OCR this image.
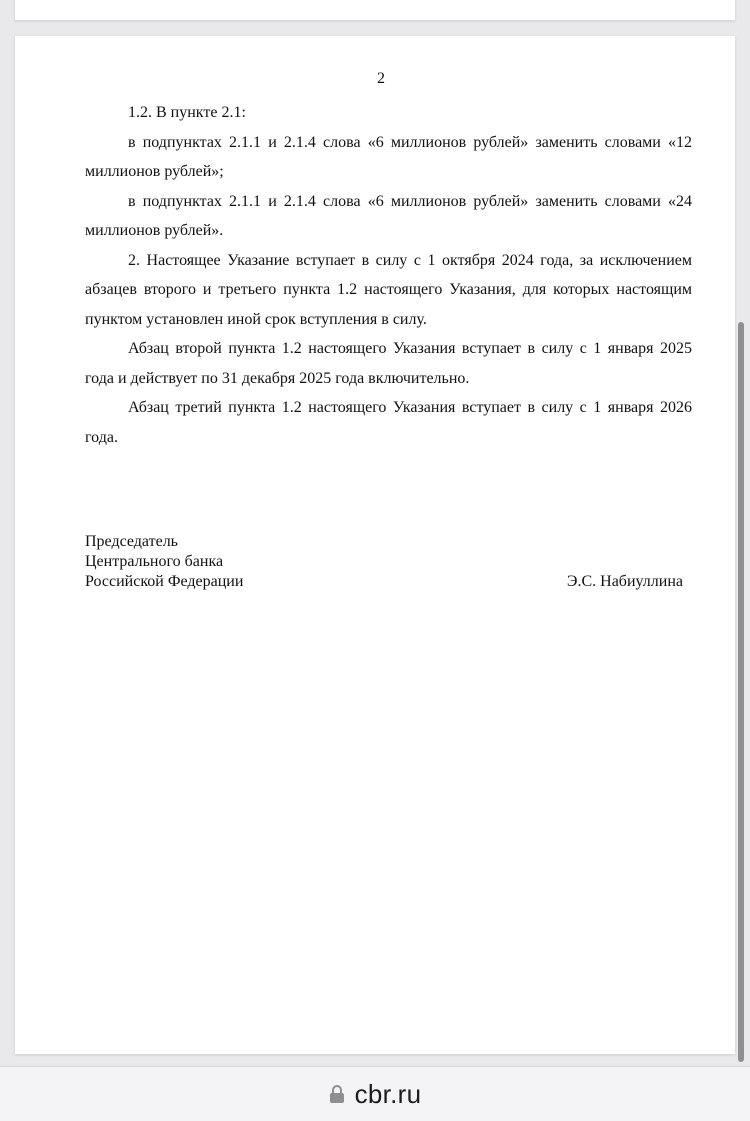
2

1.2. В пункте 2.1:

в подпунктах 2.1.1 и 2.1.4 слова «6 миллионов рублей» заменить словами «12 миллионов рублей»;

в подпунктах 2.1.1 и 2.1.4 слова «6 миллионов рублей» заменить словами «24 миллионов рублей».

2. Настоящее Указание вступает в силу с 1 октября 2024 года, за исключением абзацев второго и третьего пункта 1.2 настоящего Указания, для которых настоящим пунктом установлен иной срок вступления в силу.

Абзац второй пункта 1.2 настоящего Указания вступает в силу с 1 января 2025 года и действует по 31 декабря 2025 года включительно.

Абзац третий пункта 1.2 настоящего Указания вступает в силу с 1 января 2026 года.

Председатель
Центрального банка
Российской Федерации	Э.С. Набиуллина
cbr.ru
